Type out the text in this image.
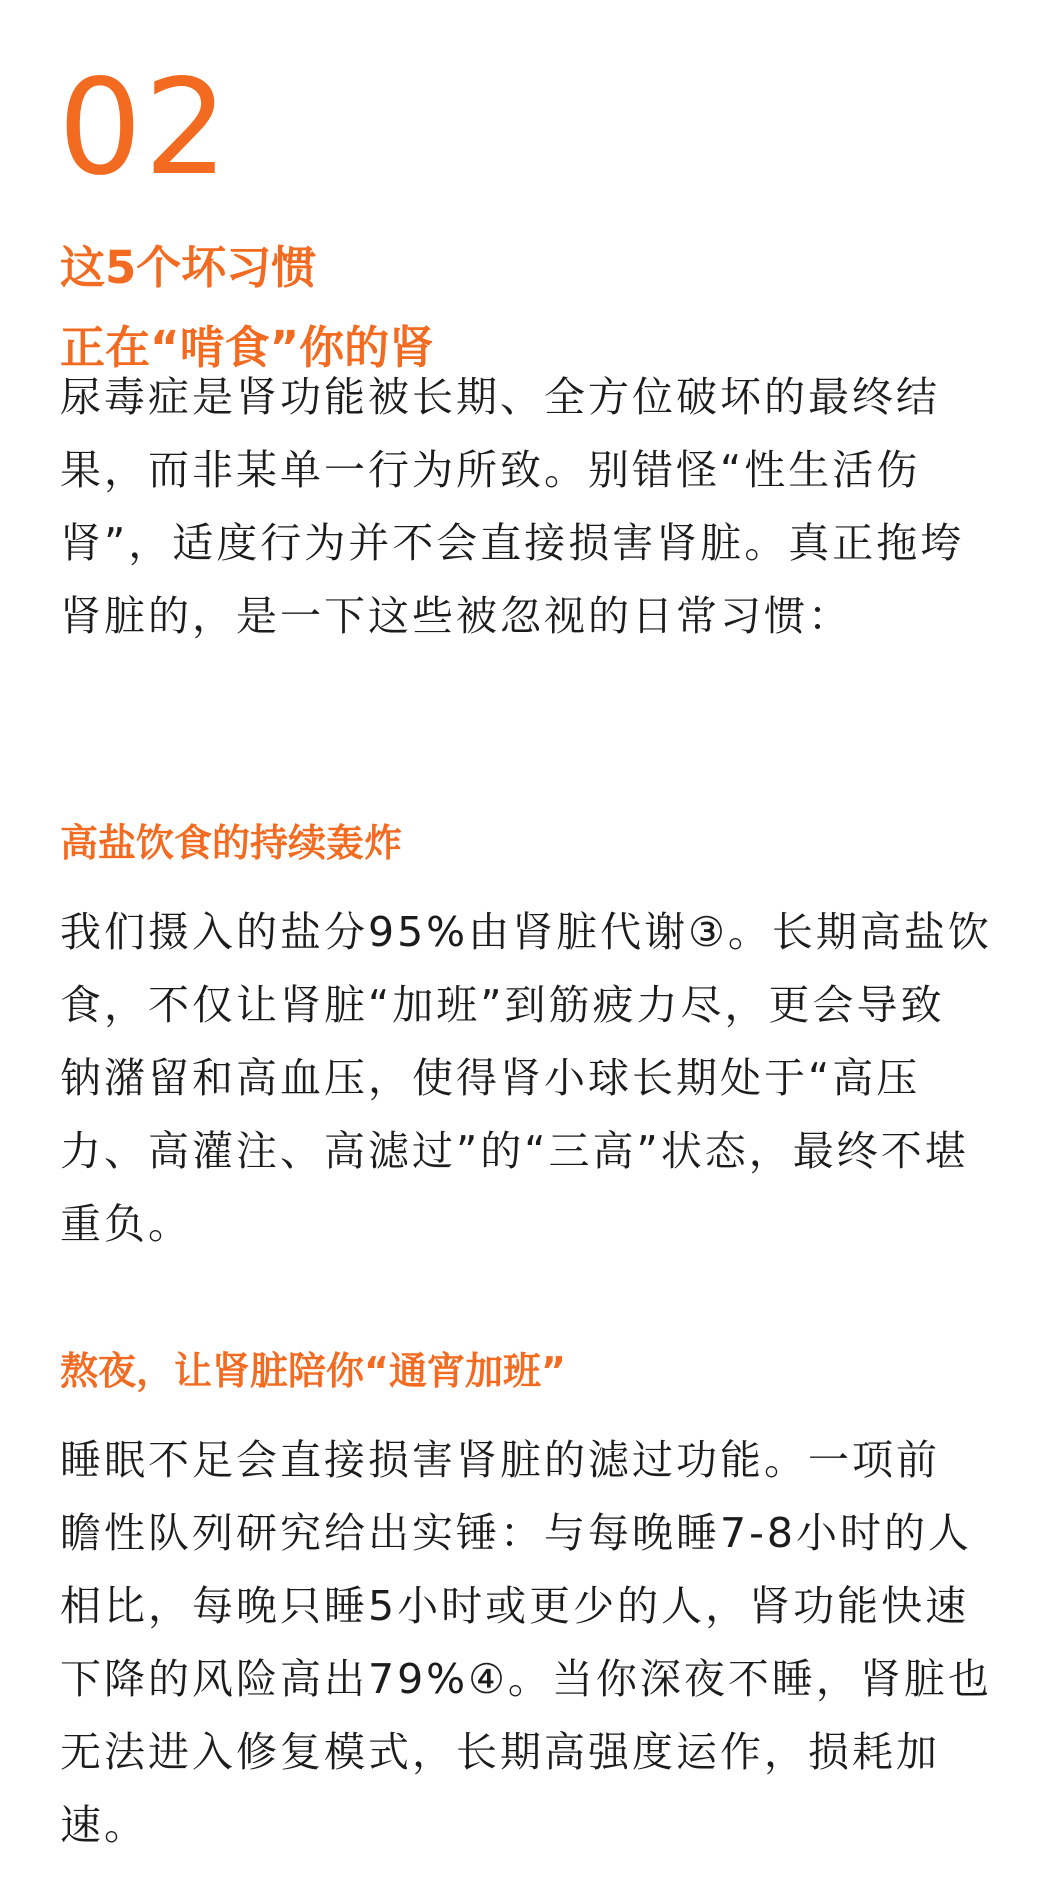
02
这5个坏习惯
正在“啃食”你的肾

尿毒症是肾功能被长期、全方位破坏的最终结
果，而非某单一行为所致。别错怪“性生活伤
肾”，适度行为并不会直接损害肾脏。真正拖垮
肾脏的，是一下这些被忽视的日常习惯：

高盐饮食的持续轰炸

我们摄入的盐分95%由肾脏代谢③。长期高盐饮
食，不仅让肾脏“加班”到筋疲力尽，更会导致
钠潴留和高血压，使得肾小球长期处于“高压
力、高灌注、高滤过”的“三高”状态，最终不堪
重负。

熬夜，让肾脏陪你“通宵加班”

睡眠不足会直接损害肾脏的滤过功能。一项前
瞻性队列研究给出实锤：与每晚睡7-8小时的人
相比，每晚只睡5小时或更少的人，肾功能快速
下降的风险高出79%④。当你深夜不睡，肾脏也
无法进入修复模式，长期高强度运作，损耗加
速。
